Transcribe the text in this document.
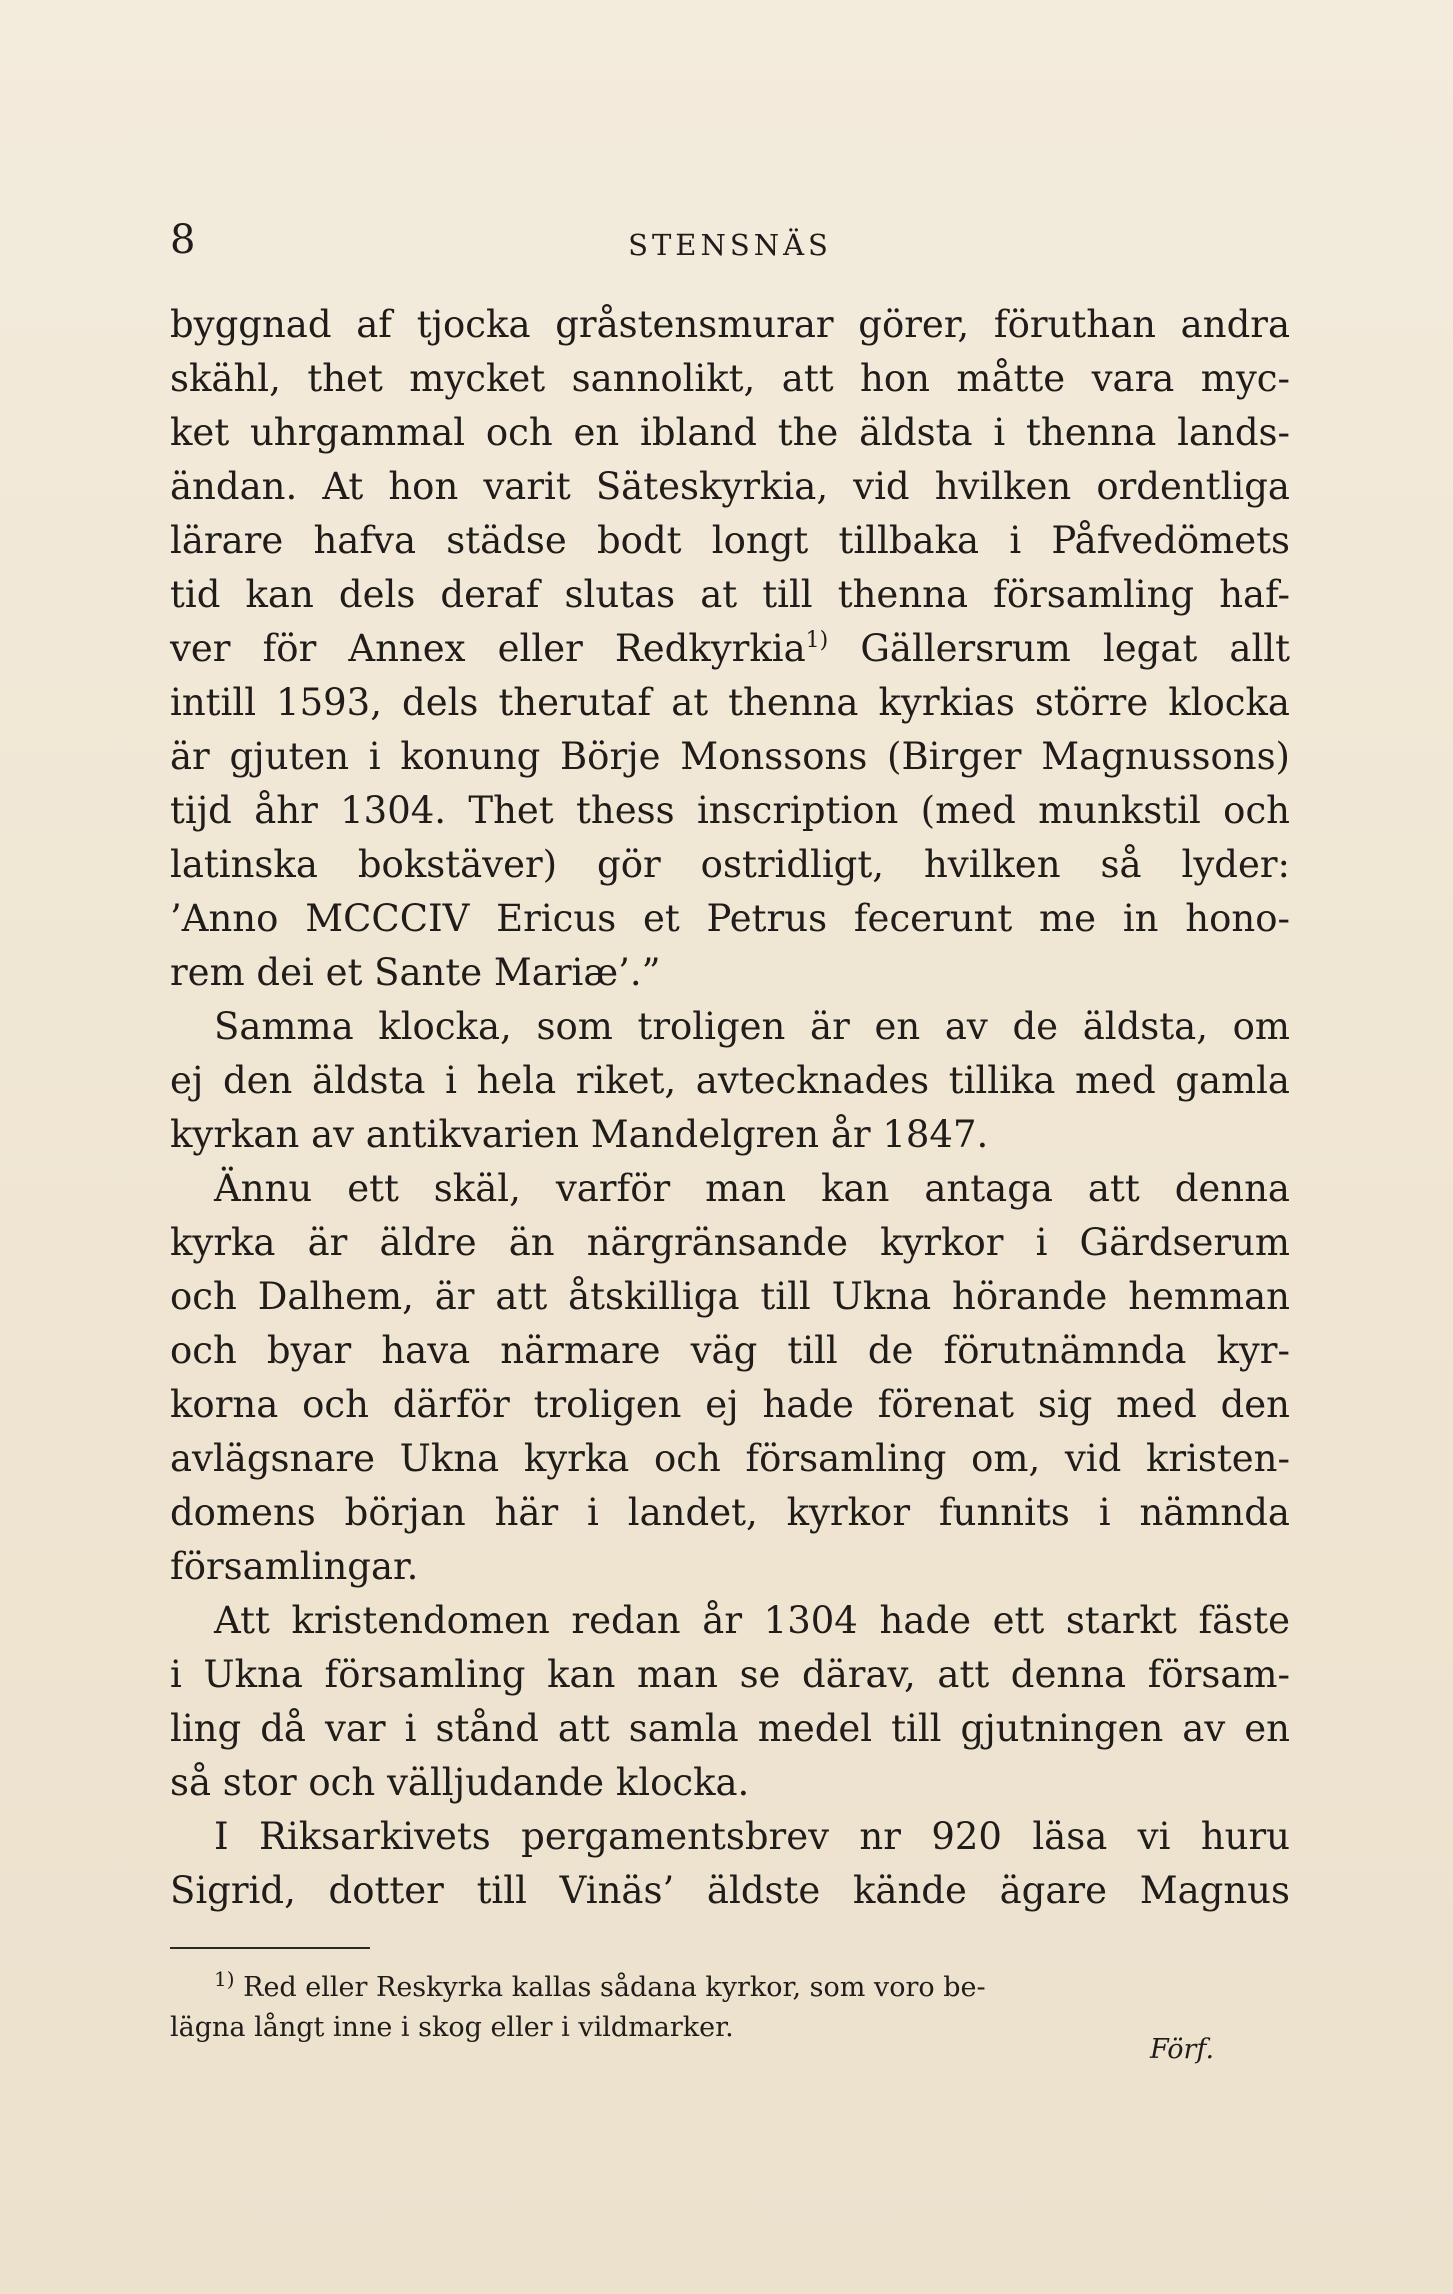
8	STENSNÄS
byggnad af tjocka gråstensmurar görer, föruthan andra
skähl, thet mycket sannolikt, att hon måtte vara myc-
ket uhrgammal och en ibland the äldsta i thenna lands-
ändan. At hon varit Säteskyrkia, vid hvilken ordentliga
lärare hafva städse bodt longt tillbaka i Påfvedömets
tid kan dels deraf slutas at till thenna församling haf-
ver för Annex eller Redkyrkia$^{1)}$ Gällersrum legat allt
intill 1593, dels therutaf at thenna kyrkias större klocka
är gjuten i konung Börje Monssons (Birger Magnussons)
tijd åhr 1304. Thet thess inscription (med munkstil och
latinska bokstäver) gör ostridligt, hvilken så lyder:
’Anno MCCCIV Ericus et Petrus fecerunt me in hono-
rem dei et Sante Mariæ’.”
Samma klocka, som troligen är en av de äldsta, om
ej den äldsta i hela riket, avtecknades tillika med gamla
kyrkan av antikvarien Mandelgren år 1847.
Ännu ett skäl, varför man kan antaga att denna
kyrka är äldre än närgränsande kyrkor i Gärdserum
och Dalhem, är att åtskilliga till Ukna hörande hemman
och byar hava närmare väg till de förutnämnda kyr-
korna och därför troligen ej hade förenat sig med den
avlägsnare Ukna kyrka och församling om, vid kristen-
domens början här i landet, kyrkor funnits i nämnda
församlingar.
Att kristendomen redan år 1304 hade ett starkt fäste
i Ukna församling kan man se därav, att denna försam-
ling då var i stånd att samla medel till gjutningen av en
så stor och välljudande klocka.
I Riksarkivets pergamentsbrev nr 920 läsa vi huru
Sigrid, dotter till Vinäs’ äldste kände ägare Magnus
$^{1)}$ Red eller Reskyrka kallas sådana kyrkor, som voro be-
lägna långt inne i skog eller i vildmarker.
Förf.
